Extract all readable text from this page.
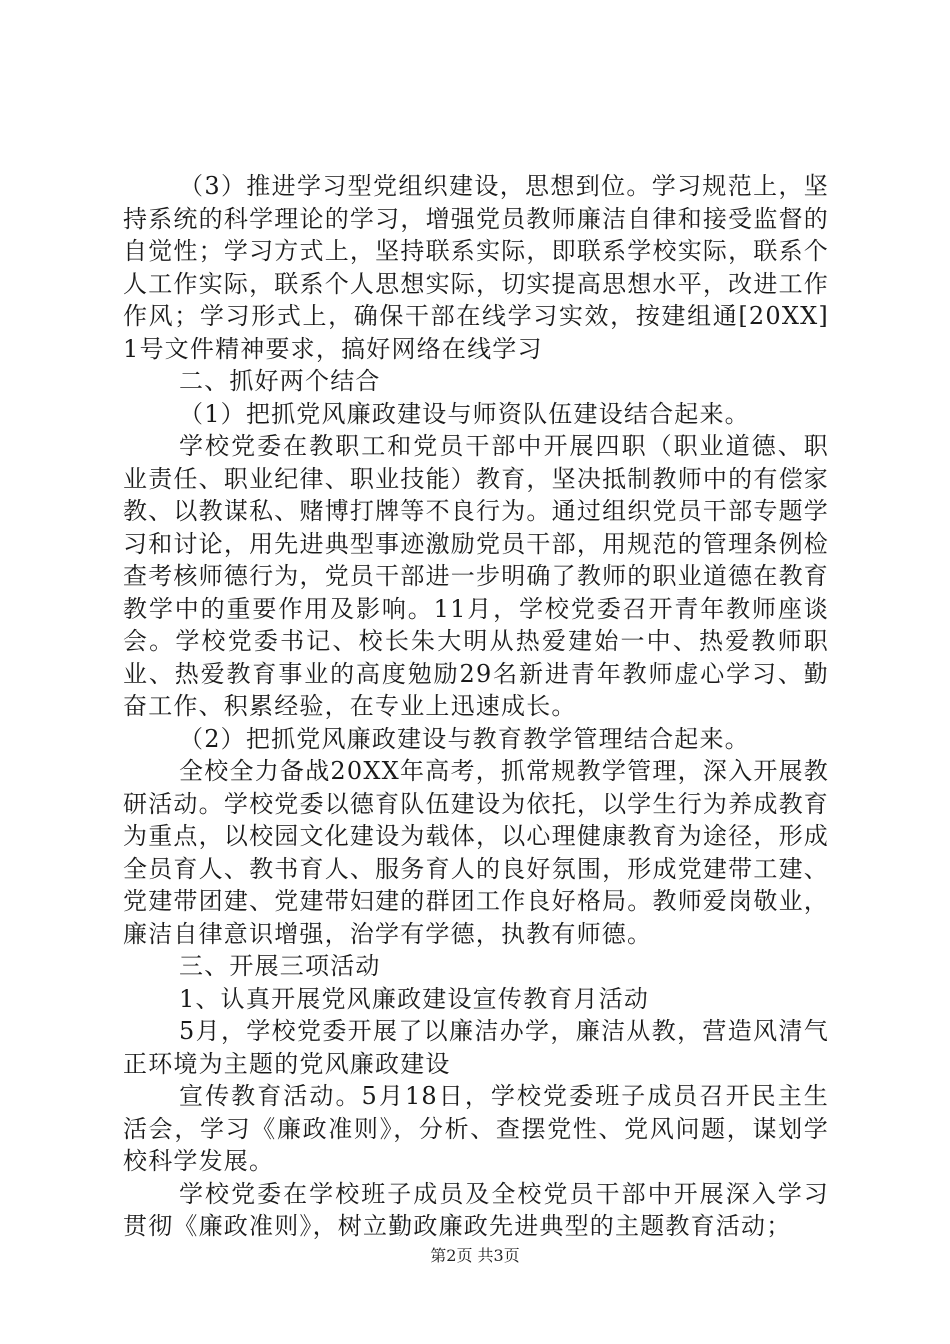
（3）推进学习型党组织建设，思想到位。学习规范上，坚持系统的科学理论的学习，增强党员教师廉洁自律和接受监督的自觉性；学习方式上，坚持联系实际，即联系学校实际，联系个人工作实际，联系个人思想实际，切实提高思想水平，改进工作作风；学习形式上，确保干部在线学习实效，按建组通[20XX]1号文件精神要求，搞好网络在线学习

二、抓好两个结合

（1）把抓党风廉政建设与师资队伍建设结合起来。

学校党委在教职工和党员干部中开展四职（职业道德、职业责任、职业纪律、职业技能）教育，坚决抵制教师中的有偿家教、以教谋私、赌博打牌等不良行为。通过组织党员干部专题学习和讨论，用先进典型事迹激励党员干部，用规范的管理条例检查考核师德行为，党员干部进一步明确了教师的职业道德在教育教学中的重要作用及影响。11月，学校党委召开青年教师座谈会。学校党委书记、校长朱大明从热爱建始一中、热爱教师职业、热爱教育事业的高度勉励29名新进青年教师虚心学习、勤奋工作、积累经验，在专业上迅速成长。

（2）把抓党风廉政建设与教育教学管理结合起来。

全校全力备战20XX年高考，抓常规教学管理，深入开展教研活动。学校党委以德育队伍建设为依托，以学生行为养成教育为重点，以校园文化建设为载体，以心理健康教育为途径，形成全员育人、教书育人、服务育人的良好氛围，形成党建带工建、党建带团建、党建带妇建的群团工作良好格局。教师爱岗敬业，廉洁自律意识增强，治学有学德，执教有师德。

三、开展三项活动

1、认真开展党风廉政建设宣传教育月活动

5月，学校党委开展了以廉洁办学，廉洁从教，营造风清气正环境为主题的党风廉政建设

宣传教育活动。5月18日，学校党委班子成员召开民主生活会，学习《廉政准则》，分析、查摆党性、党风问题，谋划学校科学发展。

学校党委在学校班子成员及全校党员干部中开展深入学习贯彻《廉政准则》，树立勤政廉政先进典型的主题教育活动；

第2页 共3页
